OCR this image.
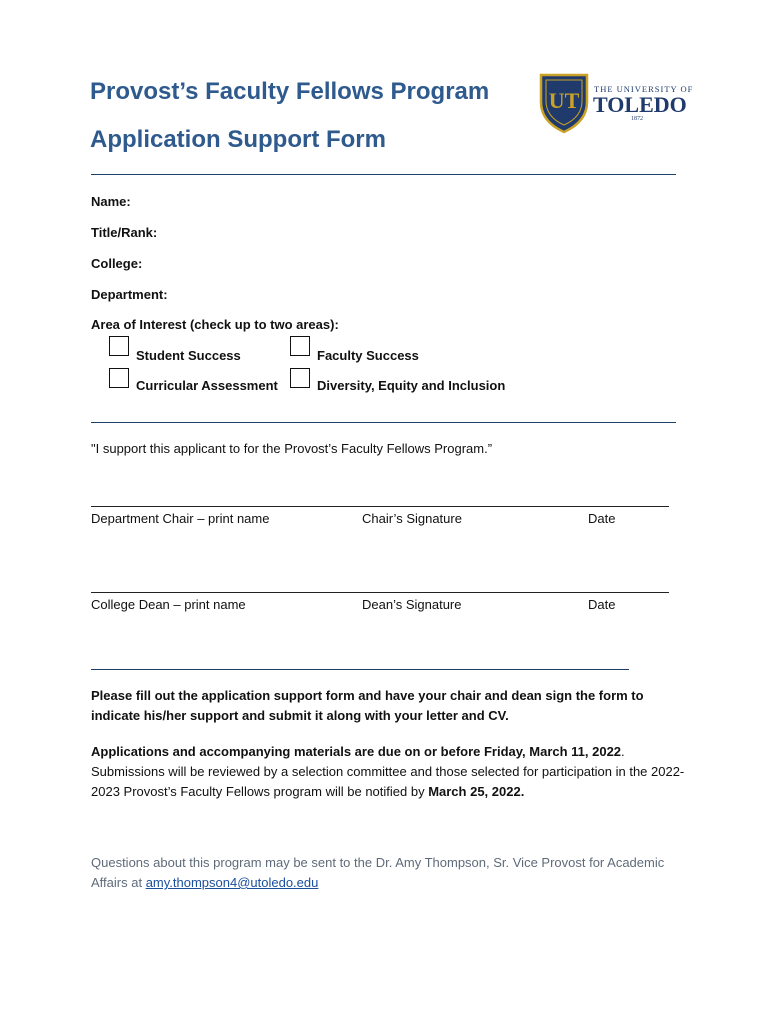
Provost’s Faculty Fellows Program
Application Support Form
UT THE UNIVERSITY OF
TOLEDO
1872
Name:
Title/Rank:
College:
Department:
Area of Interest (check up to two areas):
Student Success	Faculty Success
Curricular Assessment	Diversity, Equity and Inclusion
"I support this applicant to for the Provost’s Faculty Fellows Program.”
Department Chair – print name	Chair’s Signature	Date
College Dean – print name	Dean’s Signature	Date
Please fill out the application support form and have your chair and dean sign the form to indicate his/her support and submit it along with your letter and CV.
Applications and accompanying materials are due on or before Friday, March 11, 2022. Submissions will be reviewed by a selection committee and those selected for participation in the 2022-2023 Provost’s Faculty Fellows program will be notified by March 25, 2022.
Questions about this program may be sent to the Dr. Amy Thompson, Sr. Vice Provost for Academic Affairs at amy.thompson4@utoledo.edu
